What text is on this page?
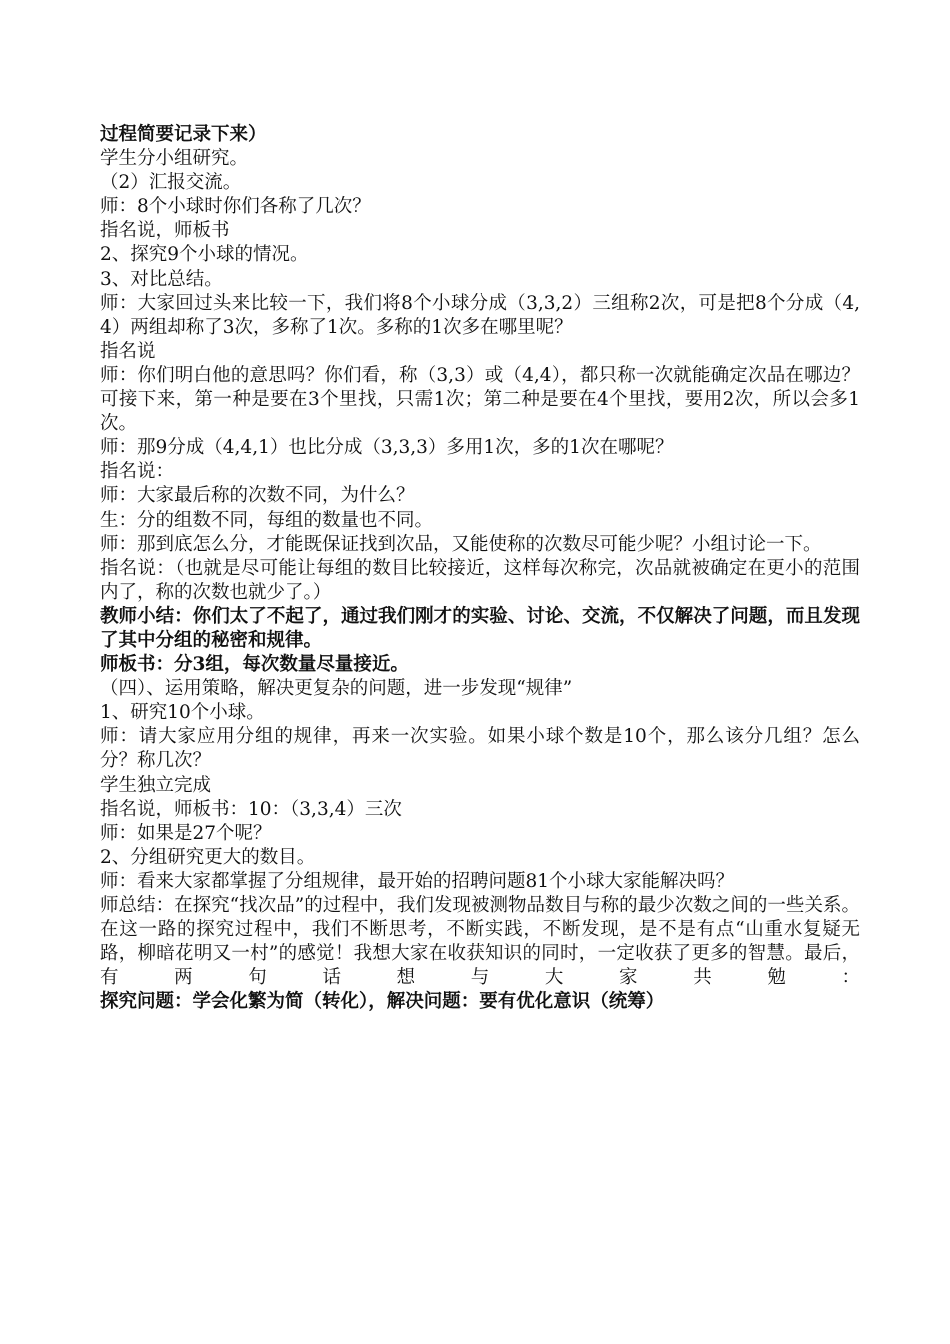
过程简要记录下来）
学生分小组研究。
（2）汇报交流。
师：8个小球时你们各称了几次？
指名说，师板书
2、探究9个小球的情况。
3、对比总结。
师：大家回过头来比较一下，我们将8个小球分成（3,3,2）三组称2次，可是把8个分成（4,4）两组却称了3次，多称了1次。多称的1次多在哪里呢？
指名说
师：你们明白他的意思吗？你们看，称（3,3）或（4,4），都只称一次就能确定次品在哪边？可接下来，第一种是要在3个里找，只需1次；第二种是要在4个里找，要用2次，所以会多1次。
师：那9分成（4,4,1）也比分成（3,3,3）多用1次，多的1次在哪呢？
指名说：
师：大家最后称的次数不同，为什么？
生：分的组数不同，每组的数量也不同。
师：那到底怎么分，才能既保证找到次品，又能使称的次数尽可能少呢？小组讨论一下。
指名说：（也就是尽可能让每组的数目比较接近，这样每次称完，次品就被确定在更小的范围内了，称的次数也就少了。）
教师小结：你们太了不起了，通过我们刚才的实验、讨论、交流，不仅解决了问题，而且发现了其中分组的秘密和规律。
师板书：分3组，每次数量尽量接近。
（四）、运用策略，解决更复杂的问题，进一步发现“规律”
1、研究10个小球。
师：请大家应用分组的规律，再来一次实验。如果小球个数是10个，那么该分几组？怎么分？称几次？
学生独立完成
指名说，师板书：10：（3,3,4）三次
师：如果是27个呢？
2、分组研究更大的数目。
师：看来大家都掌握了分组规律，最开始的招聘问题81个小球大家能解决吗？
师总结：在探究“找次品”的过程中，我们发现被测物品数目与称的最少次数之间的一些关系。在这一路的探究过程中，我们不断思考，不断实践，不断发现，是不是有点“山重水复疑无路，柳暗花明又一村”的感觉！我想大家在收获知识的同时，一定收获了更多的智慧。最后，有两句话想与大家共勉：探究问题：学会化繁为简（转化），解决问题：要有优化意识（统筹）
